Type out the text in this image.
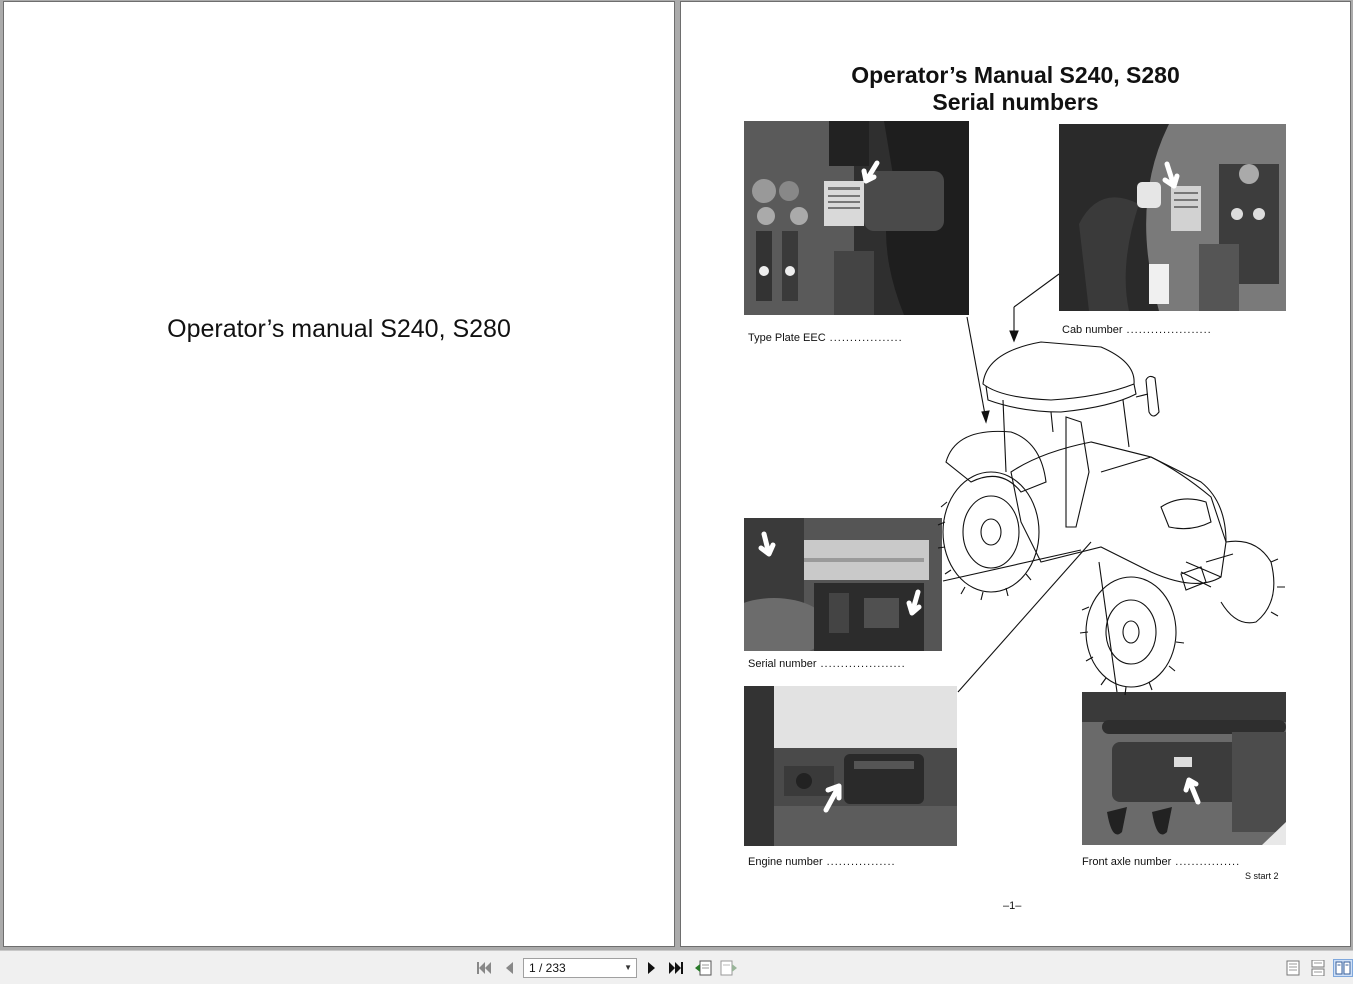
Operator’s manual S240, S280
Operator’s Manual S240, S280
Serial numbers
Type Plate EEC ..................
Cab number .....................
Serial number .....................
Engine number .................	Front axle number ................
S start 2
–1–
1 / 233	▼
